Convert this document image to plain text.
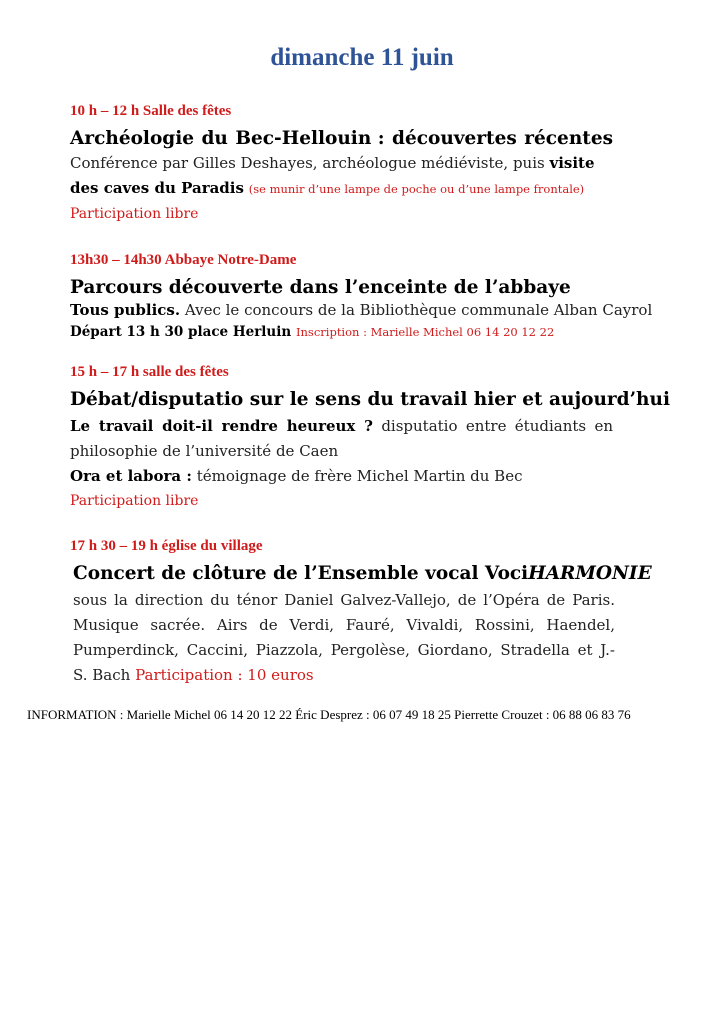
dimanche 11 juin
10 h – 12 h Salle des fêtes
Archéologie du Bec-Hellouin : découvertes récentes
Conférence par Gilles Deshayes, archéologue médiéviste, puis visite
des caves du Paradis (se munir d’une lampe de poche ou d’une lampe frontale)
Participation libre
13h30 – 14h30 Abbaye Notre-Dame
Parcours découverte dans l’enceinte de l’abbaye
Tous publics. Avec le concours de la Bibliothèque communale Alban Cayrol
Départ 13 h 30 place Herluin Inscription : Marielle Michel 06 14 20 12 22
15 h – 17 h salle des fêtes
Débat/disputatio sur le sens du travail hier et aujourd’hui
Le travail doit-il rendre heureux ? disputatio entre étudiants en
philosophie de l’université de Caen
Ora et labora : témoignage de frère Michel Martin du Bec
Participation libre
17 h 30 – 19 h église du village
Concert de clôture de l’Ensemble vocal VociHARMONIE
sous la direction du ténor Daniel Galvez-Vallejo, de l’Opéra de Paris.
Musique sacrée. Airs de Verdi, Fauré, Vivaldi, Rossini, Haendel,
Pumperdinck, Caccini, Piazzola, Pergolèse, Giordano, Stradella et J.-
S. Bach Participation : 10 euros
INFORMATION : Marielle Michel 06 14 20 12 22 Éric Desprez : 06 07 49 18 25 Pierrette Crouzet : 06 88 06 83 76
